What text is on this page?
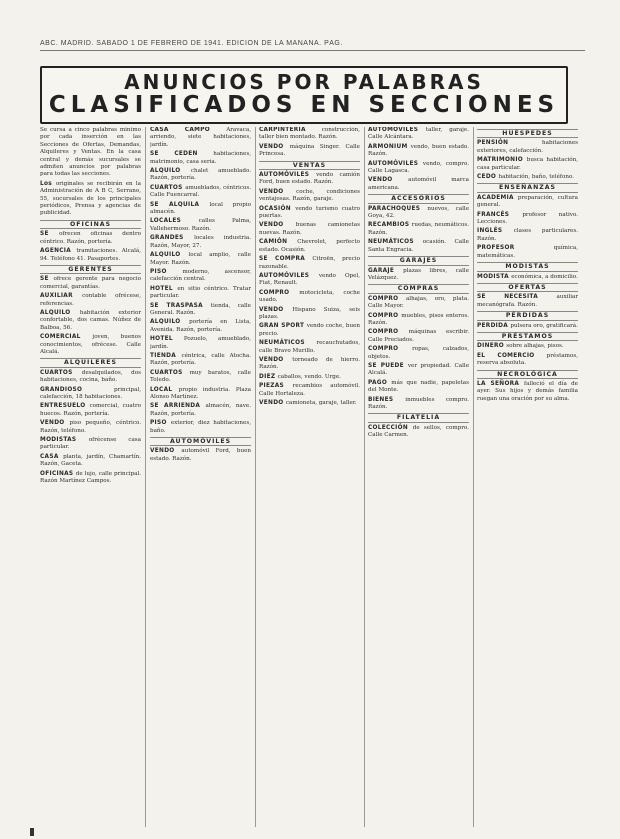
ABC. MADRID. SÁBADO 1 DE FEBRERO DE 1941. EDICIÓN DE LA MAÑANA. PÁG.
ANUNCIOS POR PALABRAS
CLASIFICADOS EN SECCIONES
Se cursa a cinco palabras minimo por cada inserción en las Secciones de Ofertas, Demandas, Alquileres y Ventas. En la casa central y demás sucursales se admiten anuncios por palabras para todas las secciones.
Los originales se recibirán en la Administración de A B C, Serrano, 55, sucursales de los principales periódicos, Prensa y agencias de publicidad.
OFICINAS
SE ofrecen oficinas dentro céntrico. Razón, portería.
AGENCIA tramitaciones. Alcalá, 94. Teléfono 41. Pasaportes.
GERENTES
SE ofrece gerente para negocio comercial, garantías.
AUXILIAR contable ofrécese, referencias.
ALQUILO habitación exterior confortable, dos camas. Núñez de Balboa, 56.
COMERCIAL joven, buenos conocimientos, ofrécese. Calle Alcalá.
ALQUILERES
CUARTOS desalquilados, dos habitaciones, cocina, baño.
GRANDIOSO principal, calefacción, 18 habitaciones.
ENTRESUELO comercial, cuatro huecos. Razón, portería.
VENDO piso pequeño, céntrico. Razón, teléfono.
MODISTAS ofrécense casa particular.
CASA planta, jardín, Chamartín. Razón, Gaceta.
OFICINAS de lujo, calle principal. Razón Martínez Campos.
CASA CAMPO Aravaca, arriendo, siete habitaciones, jardín.
SE CEDEN habitaciones, matrimonio, casa seria.
ALQUILO chalet amueblado. Razón, portería.
CUARTOS amueblados, céntricos. Calle Fuencarral.
SE ALQUILA local propio almacén.
LOCALES calles Palma, Vallehermoso. Razón.
GRANDES locales industria. Razón, Mayor, 27.
ALQUILO local amplio, calle Mayor. Razón.
PISO moderno, ascensor, calefacción central.
HOTEL en sitio céntrico. Tratar particular.
SE TRASPASA tienda, calle General. Razón.
ALQUILO portería en Lista, Avenida. Razón, portería.
HOTEL Pozuelo, amueblado, jardín.
TIENDA céntrica, calle Atocha. Razón, portería.
CUARTOS muy baratos, calle Toledo.
LOCAL propio industria. Plaza Alonso Martínez.
SE ARRIENDA almacén, nave. Razón, portería.
PISO exterior, diez habitaciones, baño.
AUTOMÓVILES
VENDO automóvil Ford, buen estado. Razón.
CARPINTERÍA construcción, taller bien montado. Razón.
VENDO máquina Singer. Calle Princesa.
VENTAS
AUTOMÓVILES vendo camión Ford, buen estado. Razón.
VENDO coche, condiciones ventajosas. Razón, garaje.
OCASIÓN vendo turismo cuatro puertas.
VENDO buenas camionetas nuevas. Razón.
CAMIÓN Chevrolet, perfecto estado. Ocasión.
SE COMPRA Citroën, precio razonable.
AUTOMÓVILES vendo Opel, Fiat, Renault.
COMPRO motocicleta, coche usado.
VENDO Hispano Suiza, seis plazas.
GRAN SPORT vendo coche, buen precio.
NEUMÁTICOS recauchutados, calle Bravo Murillo.
VENDO torneado de hierro. Razón.
DIEZ caballos, vendo. Urge.
PIEZAS recambios automóvil. Calle Hortaleza.
VENDO camioneta, garaje, taller.
AUTOMÓVILES taller, garaje. Calle Alcántara.
ARMONIUM vendo, buen estado. Razón.
AUTOMÓVILES vendo, compro. Calle Lagasca.
VENDO automóvil marca americana.
ACCESORIOS
PARACHOQUES nuevos, calle Goya, 42.
RECAMBIOS ruedas, neumáticos. Razón.
NEUMÁTICOS ocasión. Calle Santa Engracia.
GARAJES
GARAJE plazas libres, calle Velázquez.
COMPRAS
COMPRO alhajas, oro, plata. Calle Mayor.
COMPRO muebles, pisos enteros. Razón.
COMPRO máquinas escribir. Calle Preciados.
COMPRO ropas, calzados, objetos.
SE PUEDE ver propiedad. Calle Alcalá.
PAGO más que nadie, papeletas del Monte.
BIENES inmuebles compro. Razón.
FILATELIA
COLECCIÓN de sellos, compro. Calle Carmen.
HUÉSPEDES
PENSIÓN habitaciones exteriores, calefacción.
MATRIMONIO busca habitación, casa particular.
CEDO habitación, baño, teléfono.
ENSEÑANZAS
ACADEMIA preparación, cultura general.
FRANCÉS profesor nativo. Lecciones.
INGLÉS clases particulares. Razón.
PROFESOR química, matemáticas.
MODISTAS
MODISTA económica, a domicilio.
OFERTAS
SE NECESITA auxiliar mecanógrafa. Razón.
PÉRDIDAS
PERDIDA pulsera oro, gratificará.
PRÉSTAMOS
DINERO sobre alhajas, pisos.
EL COMERCIO préstamos, reserva absoluta.
NECROLÓGICA
LA SEÑORA falleció el día de ayer. Sus hijos y demás familia ruegan una oración por su alma.
